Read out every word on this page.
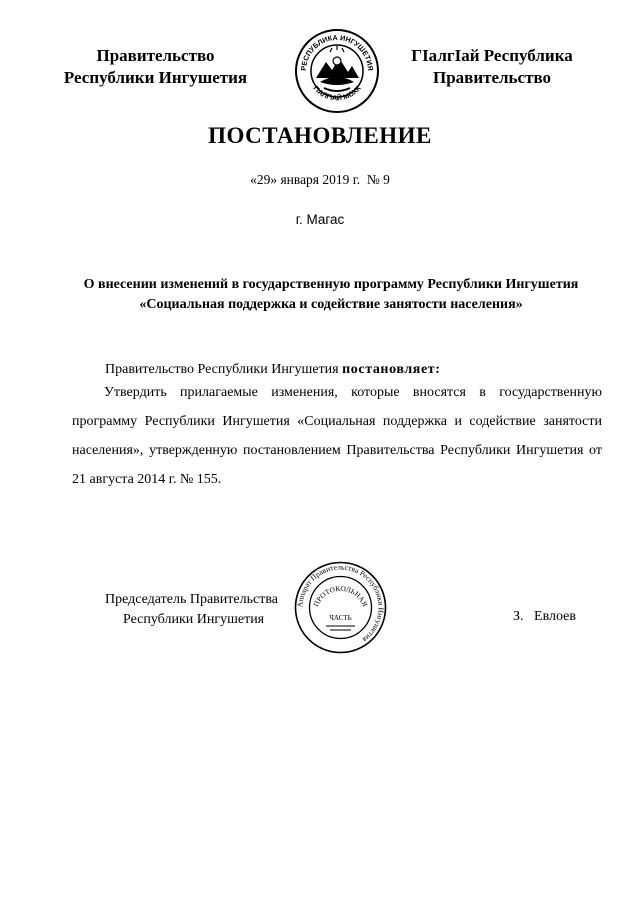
Правительство
Республики Ингушетия	РЕСПУБЛИКА ИНГУШЕТИЯ
ГIАЛГIАЙ МОХК
ГIалгIай Республика
Правительство
ПОСТАНОВЛЕНИЕ
«29» января 2019 г.  № 9
г. Магас
О внесении изменений в государственную программу Республики Ингушетия
«Социальная поддержка и содействие занятости населения»
Правительство Республики Ингушетия постановляет:

Утвердить прилагаемые изменения, которые вносятся в государственную программу Республики Ингушетия «Социальная поддержка и содействие занятости населения», утвержденную постановлением Правительства Республики Ингушетия от 21 августа 2014 г. № 155.

Председатель Правительства
Республики Ингушетия
Аппарат Правительства Республики Ингушетия
ПРОТОКОЛЬНАЯ
ЧАСТЬ	З.   Евлоев
